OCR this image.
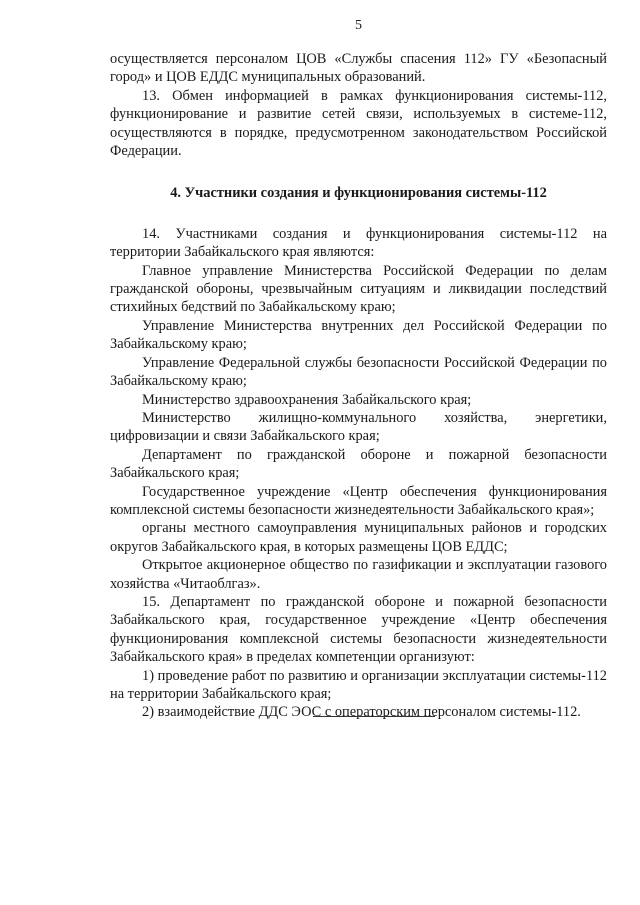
5

осуществляется персоналом ЦОВ «Службы спасения 112» ГУ «Безопасный город» и ЦОВ ЕДДС муниципальных образований.

13. Обмен информацией в рамках функционирования системы-112, функционирование и развитие сетей связи, используемых в системе-112, осуществляются в порядке, предусмотренном законодательством Российской Федерации.

4. Участники создания и функционирования системы-112

14. Участниками создания и функционирования системы-112 на территории Забайкальского края являются:

Главное управление Министерства Российской Федерации по делам гражданской обороны, чрезвычайным ситуациям и ликвидации последствий стихийных бедствий по Забайкальскому краю;

Управление Министерства внутренних дел Российской Федерации по Забайкальскому краю;

Управление Федеральной службы безопасности Российской Федерации по Забайкальскому краю;

Министерство здравоохранения Забайкальского края;

Министерство жилищно-коммунального хозяйства, энергетики, цифровизации и связи Забайкальского края;

Департамент по гражданской обороне и пожарной безопасности Забайкальского края;

Государственное учреждение «Центр обеспечения функционирования комплексной системы безопасности жизнедеятельности Забайкальского края»;

органы местного самоуправления муниципальных районов и городских округов Забайкальского края, в которых размещены ЦОВ ЕДДС;

Открытое акционерное общество по газификации и эксплуатации газового хозяйства «Читаоблгаз».

15. Департамент по гражданской обороне и пожарной безопасности Забайкальского края, государственное учреждение «Центр обеспечения функционирования комплексной системы безопасности жизнедеятельности Забайкальского края» в пределах компетенции организуют:

1) проведение работ по развитию и организации эксплуатации системы-112 на территории Забайкальского края;

2) взаимодействие ДДС ЭОС с операторским персоналом системы-112.
